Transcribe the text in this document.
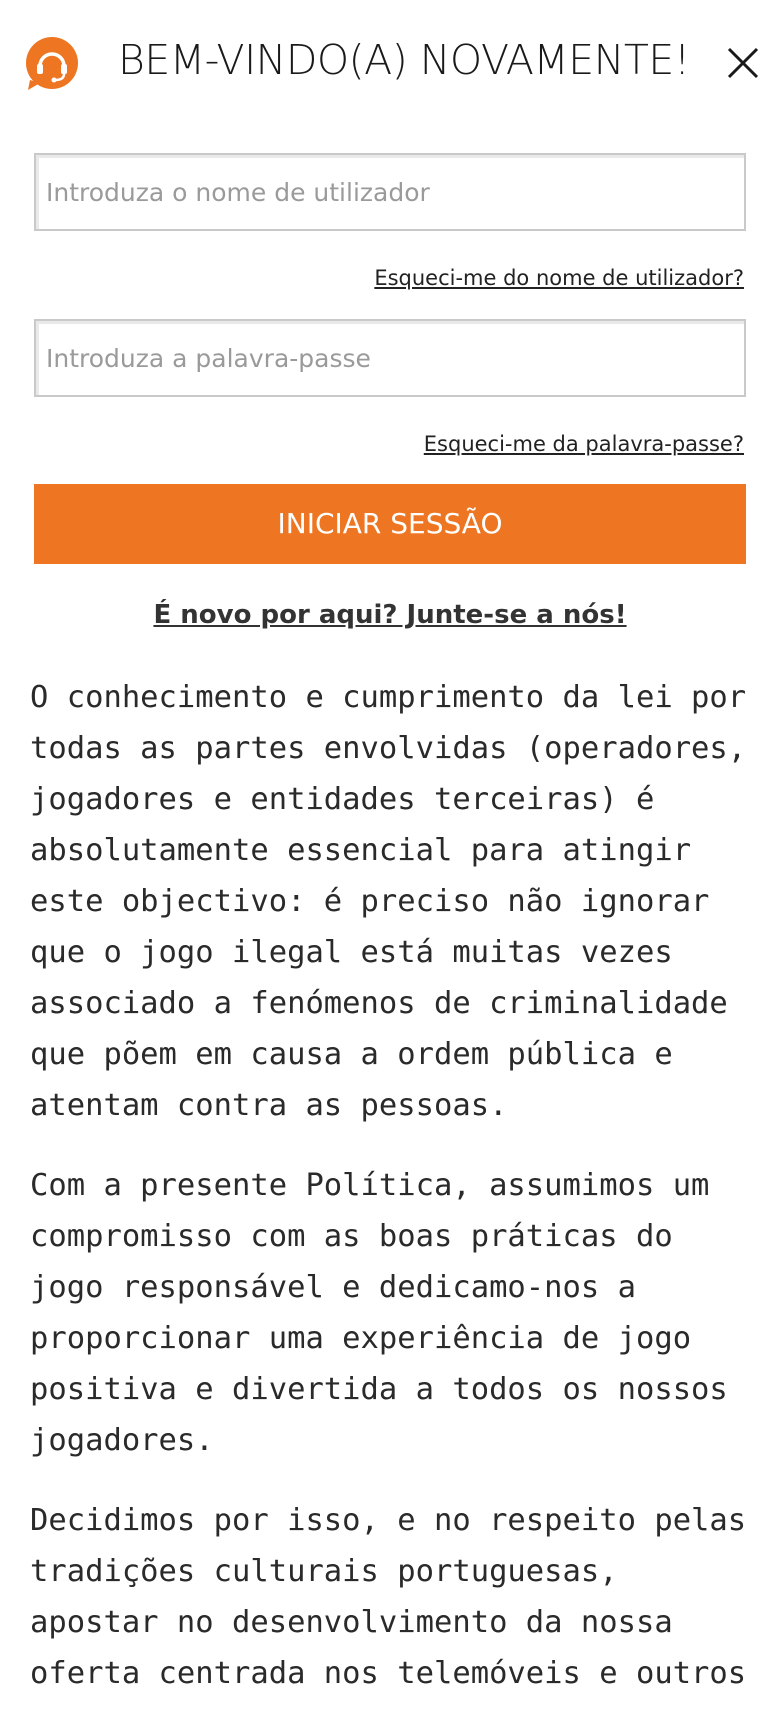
BEM-VINDO(A) NOVAMENTE!
Introduza o nome de utilizador
Esqueci-me do nome de utilizador?
Esqueci-me da palavra-passe?
INICIAR SESSÃO
É novo por aqui? Junte-se a nós!

O conhecimento e cumprimento da lei por todas as partes envolvidas (operadores, jogadores e entidades terceiras) é absolutamente essencial para atingir este objectivo: é preciso não ignorar que o jogo ilegal está muitas vezes associado a fenómenos de criminalidade que põem em causa a ordem pública e atentam contra as pessoas.

Com a presente Política, assumimos um compromisso com as boas práticas do jogo responsável e dedicamo-nos a proporcionar uma experiência de jogo positiva e divertida a todos os nossos jogadores.

Decidimos por isso, e no respeito pelas tradições culturais portuguesas, apostar no desenvolvimento da nossa oferta centrada nos telemóveis e outros
